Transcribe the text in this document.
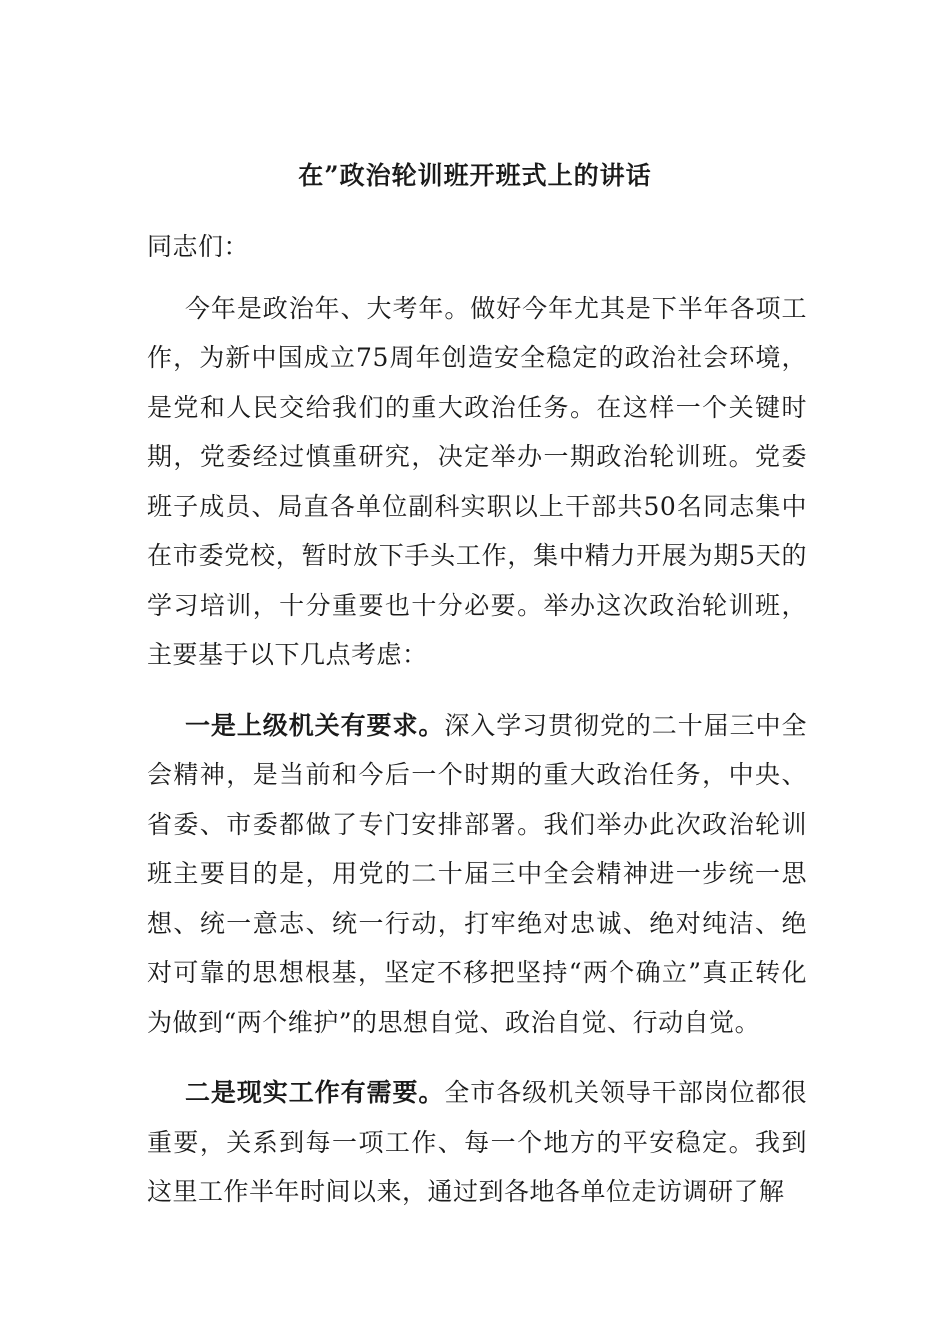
在”政治轮训班开班式上的讲话

同志们：

今年是政治年、大考年。做好今年尤其是下半年各项工作，为新中国成立75周年创造安全稳定的政治社会环境，是党和人民交给我们的重大政治任务。在这样一个关键时期，党委经过慎重研究，决定举办一期政治轮训班。党委班子成员、局直各单位副科实职以上干部共50名同志集中在市委党校，暂时放下手头工作，集中精力开展为期5天的学习培训，十分重要也十分必要。举办这次政治轮训班，主要基于以下几点考虑：

一是上级机关有要求。深入学习贯彻党的二十届三中全会精神，是当前和今后一个时期的重大政治任务，中央、省委、市委都做了专门安排部署。我们举办此次政治轮训班主要目的是，用党的二十届三中全会精神进一步统一思想、统一意志、统一行动，打牢绝对忠诚、绝对纯洁、绝对可靠的思想根基，坚定不移把坚持“两个确立”真正转化为做到“两个维护”的思想自觉、政治自觉、行动自觉。

二是现实工作有需要。全市各级机关领导干部岗位都很重要，关系到每一项工作、每一个地方的平安稳定。我到这里工作半年时间以来，通过到各地各单位走访调研了解
